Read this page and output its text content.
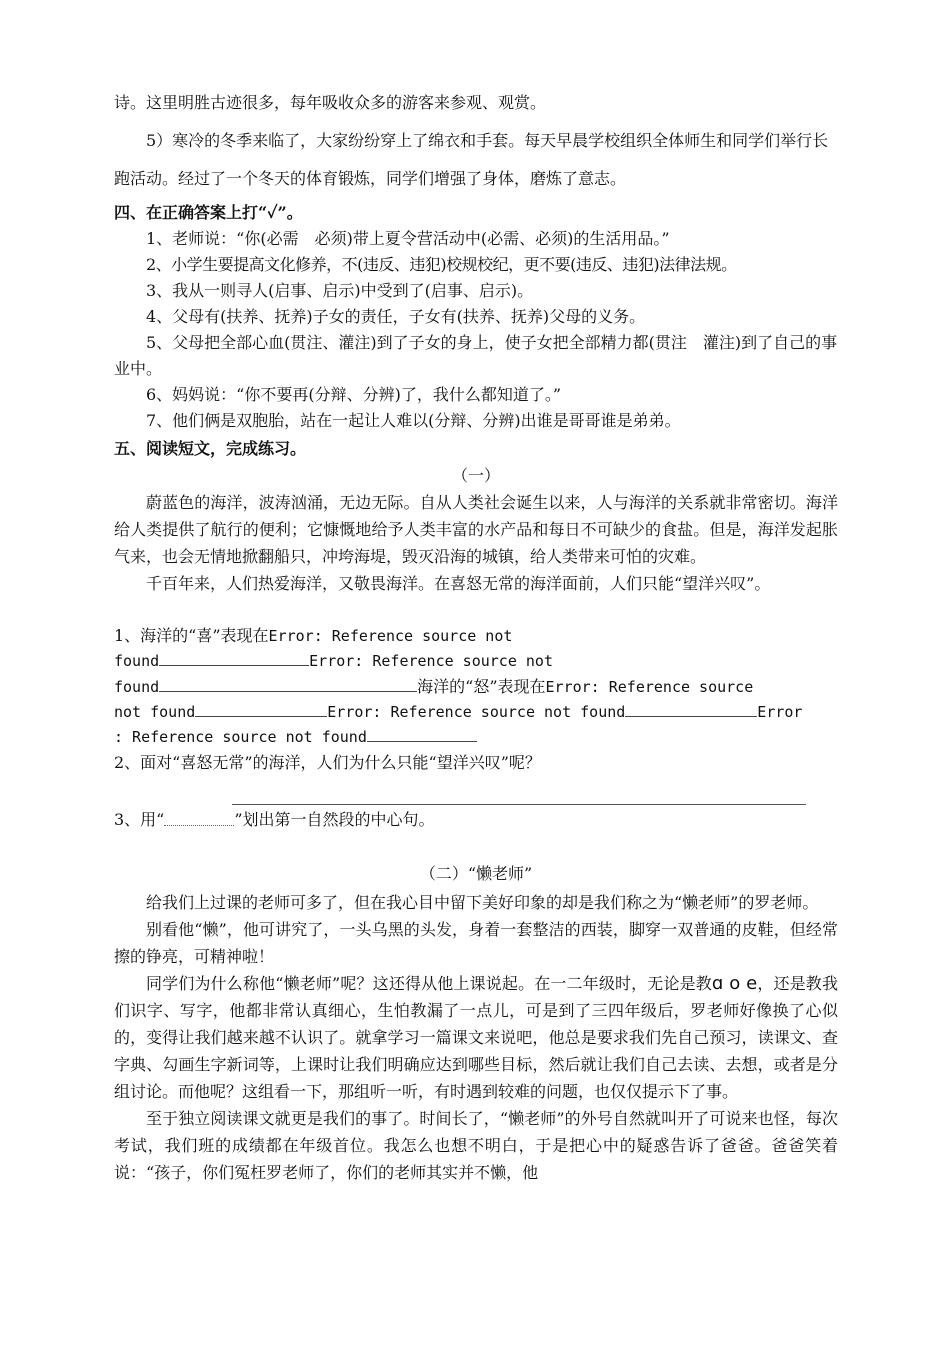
诗。这里明胜古迹很多，每年吸收众多的游客来参观、观赏。

5）寒冷的冬季来临了，大家纷纷穿上了绵衣和手套。每天早晨学校组织全体师生和同学们举行长跑活动。经过了一个冬天的体育锻炼，同学们增强了身体，磨炼了意志。

四、在正确答案上打“✓”。

1、老师说：“你(必需　必须)带上夏令营活动中(必需、必须)的生活用品。”

2、小学生要提高文化修养，不(违反、违犯)校规校纪，更不要(违反、违犯)法律法规。

3、我从一则寻人(启事、启示)中受到了(启事、启示)。

4、父母有(扶养、抚养)子女的责任，子女有(扶养、抚养)父母的义务。

5、父母把全部心血(贯注、灌注)到了子女的身上，使子女把全部精力都(贯注　灌注)到了自己的事业中。

6、妈妈说：“你不要再(分辩、分辨)了，我什么都知道了。”

7、他们俩是双胞胎，站在一起让人难以(分辩、分辨)出谁是哥哥谁是弟弟。

五、阅读短文，完成练习。

（一）

蔚蓝色的海洋，波涛汹涌，无边无际。自从人类社会诞生以来，人与海洋的关系就非常密切。海洋给人类提供了航行的便利；它慷慨地给予人类丰富的水产品和每日不可缺少的食盐。但是，海洋发起胀气来，也会无情地掀翻船只，冲垮海堤，毁灭沿海的城镇，给人类带来可怕的灾难。

千百年来，人们热爱海洋，又敬畏海洋。在喜怒无常的海洋面前，人们只能“望洋兴叹”。

1、海洋的“喜”表现在Error: Reference source not

found	Error: Reference source not

found	海洋的“怒”表现在Error: Reference source

not found	Error: Reference source not found	Error

: Reference source not found

2、面对“喜怒无常”的海洋，人们为什么只能“望洋兴叹”呢？

3、用“	”划出第一自然段的中心句。

（二）“懒老师”

给我们上过课的老师可多了，但在我心目中留下美好印象的却是我们称之为“懒老师”的罗老师。

别看他“懒”，他可讲究了，一头乌黑的头发，身着一套整洁的西装，脚穿一双普通的皮鞋，但经常擦的铮亮，可精神啦！

同学们为什么称他“懒老师”呢？这还得从他上课说起。在一二年级时，无论是教ɑ o e，还是教我们识字、写字，他都非常认真细心，生怕教漏了一点儿，可是到了三四年级后，罗老师好像换了心似的，变得让我们越来越不认识了。就拿学习一篇课文来说吧，他总是要求我们先自己预习，读课文、查字典、勾画生字新词等，上课时让我们明确应达到哪些目标，然后就让我们自己去读、去想，或者是分组讨论。而他呢？这组看一下，那组听一听，有时遇到较难的问题，也仅仅提示下了事。

至于独立阅读课文就更是我们的事了。时间长了，“懒老师”的外号自然就叫开了可说来也怪，每次考试，我们班的成绩都在年级首位。我怎么也想不明白，于是把心中的疑惑告诉了爸爸。爸爸笑着说：“孩子，你们冤枉罗老师了，你们的老师其实并不懒，他
